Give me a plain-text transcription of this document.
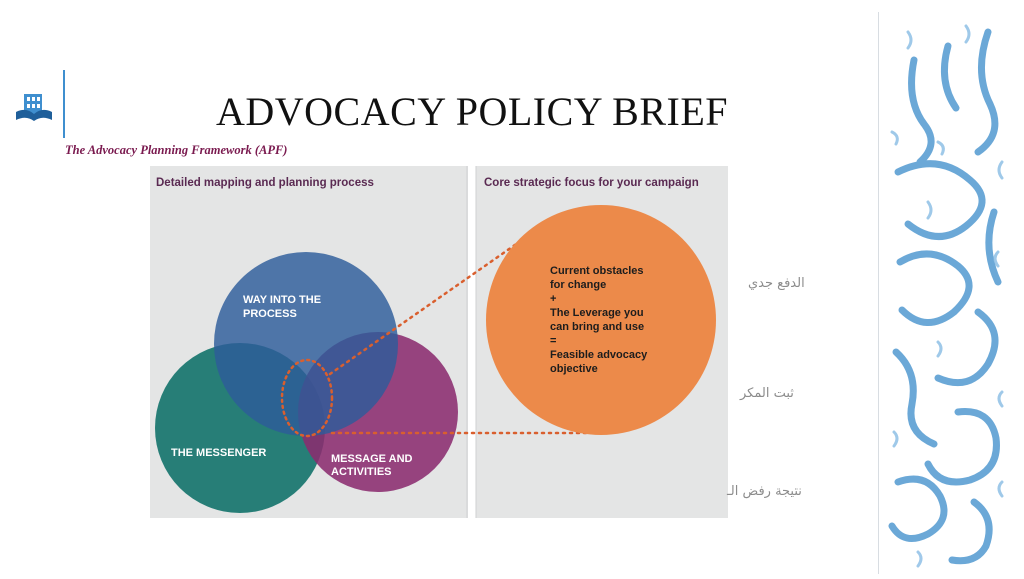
ADVOCACY POLICY BRIEF
The Advocacy Planning Framework (APF)
Detailed mapping and planning process	Core strategic focus for your campaign
WAY INTO THE PROCESS
THE MESSENGER	MESSAGE AND ACTIVITIES
Current obstacles for change + The Leverage you can bring and use = Feasible advocacy objective
الدفع جدي
ثبت المكر
نتيجة رفض الـ
